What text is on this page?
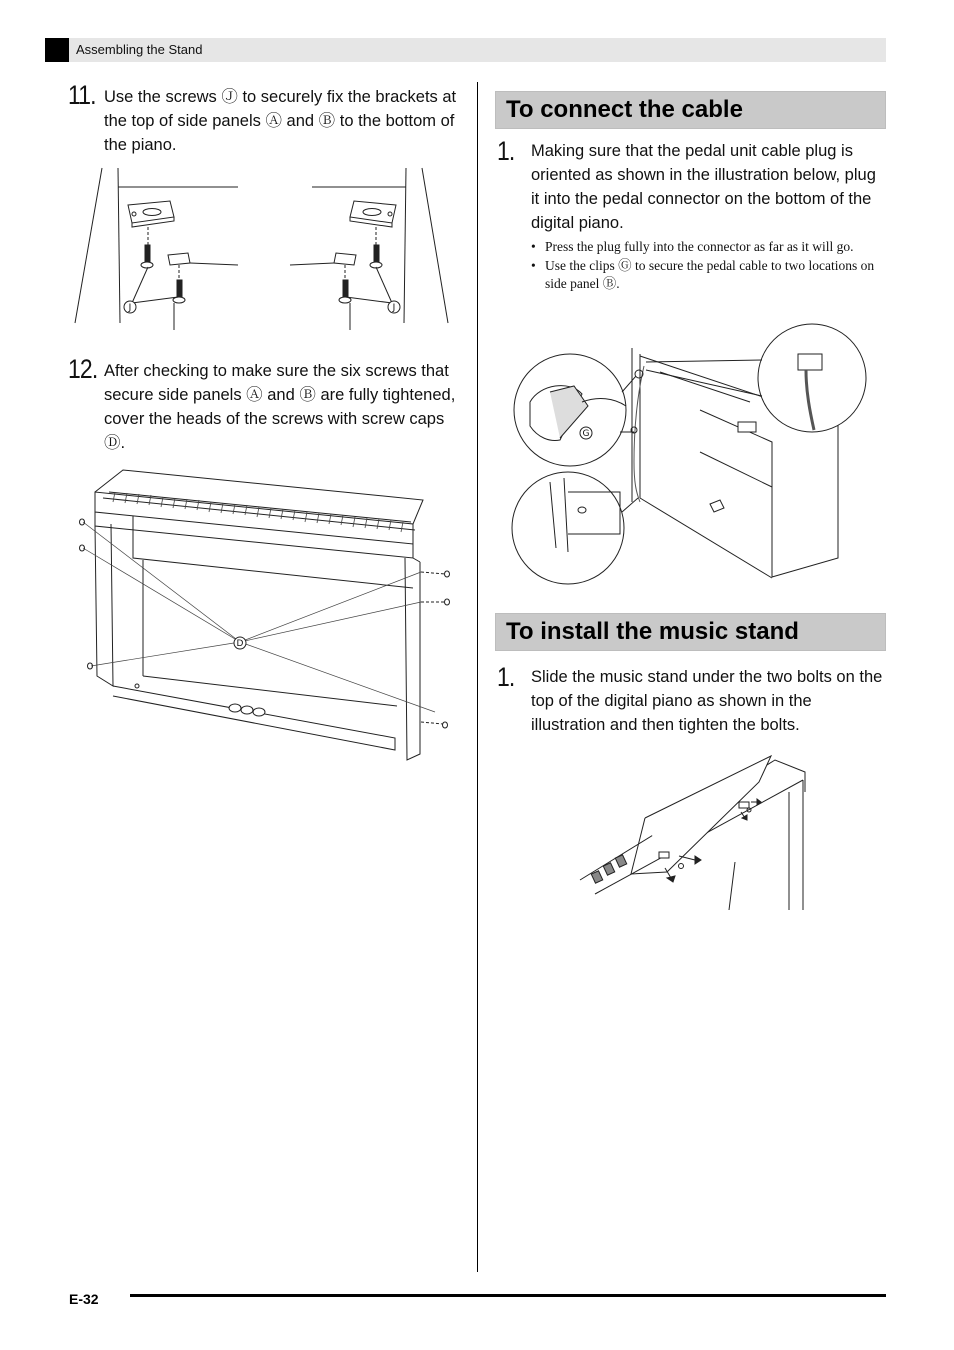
Assembling the Stand
11. Use the screws Ⓙ to securely fix the brackets at the top of side panels Ⓐ and Ⓑ to the bottom of the piano.
J	J
12. After checking to make sure the six screws that secure side panels Ⓐ and Ⓑ are fully tightened, cover the heads of the screws with screw caps Ⓓ.
D
To connect the cable
1. Making sure that the pedal unit cable plug is oriented as shown in the illustration below, plug it into the pedal connector on the bottom of the digital piano.
• Press the plug fully into the connector as far as it will go.
• Use the clips Ⓖ to secure the pedal cable to two locations on side panel Ⓑ.
G
To install the music stand
1. Slide the music stand under the two bolts on the top of the digital piano as shown in the illustration and then tighten the bolts.
E-32
